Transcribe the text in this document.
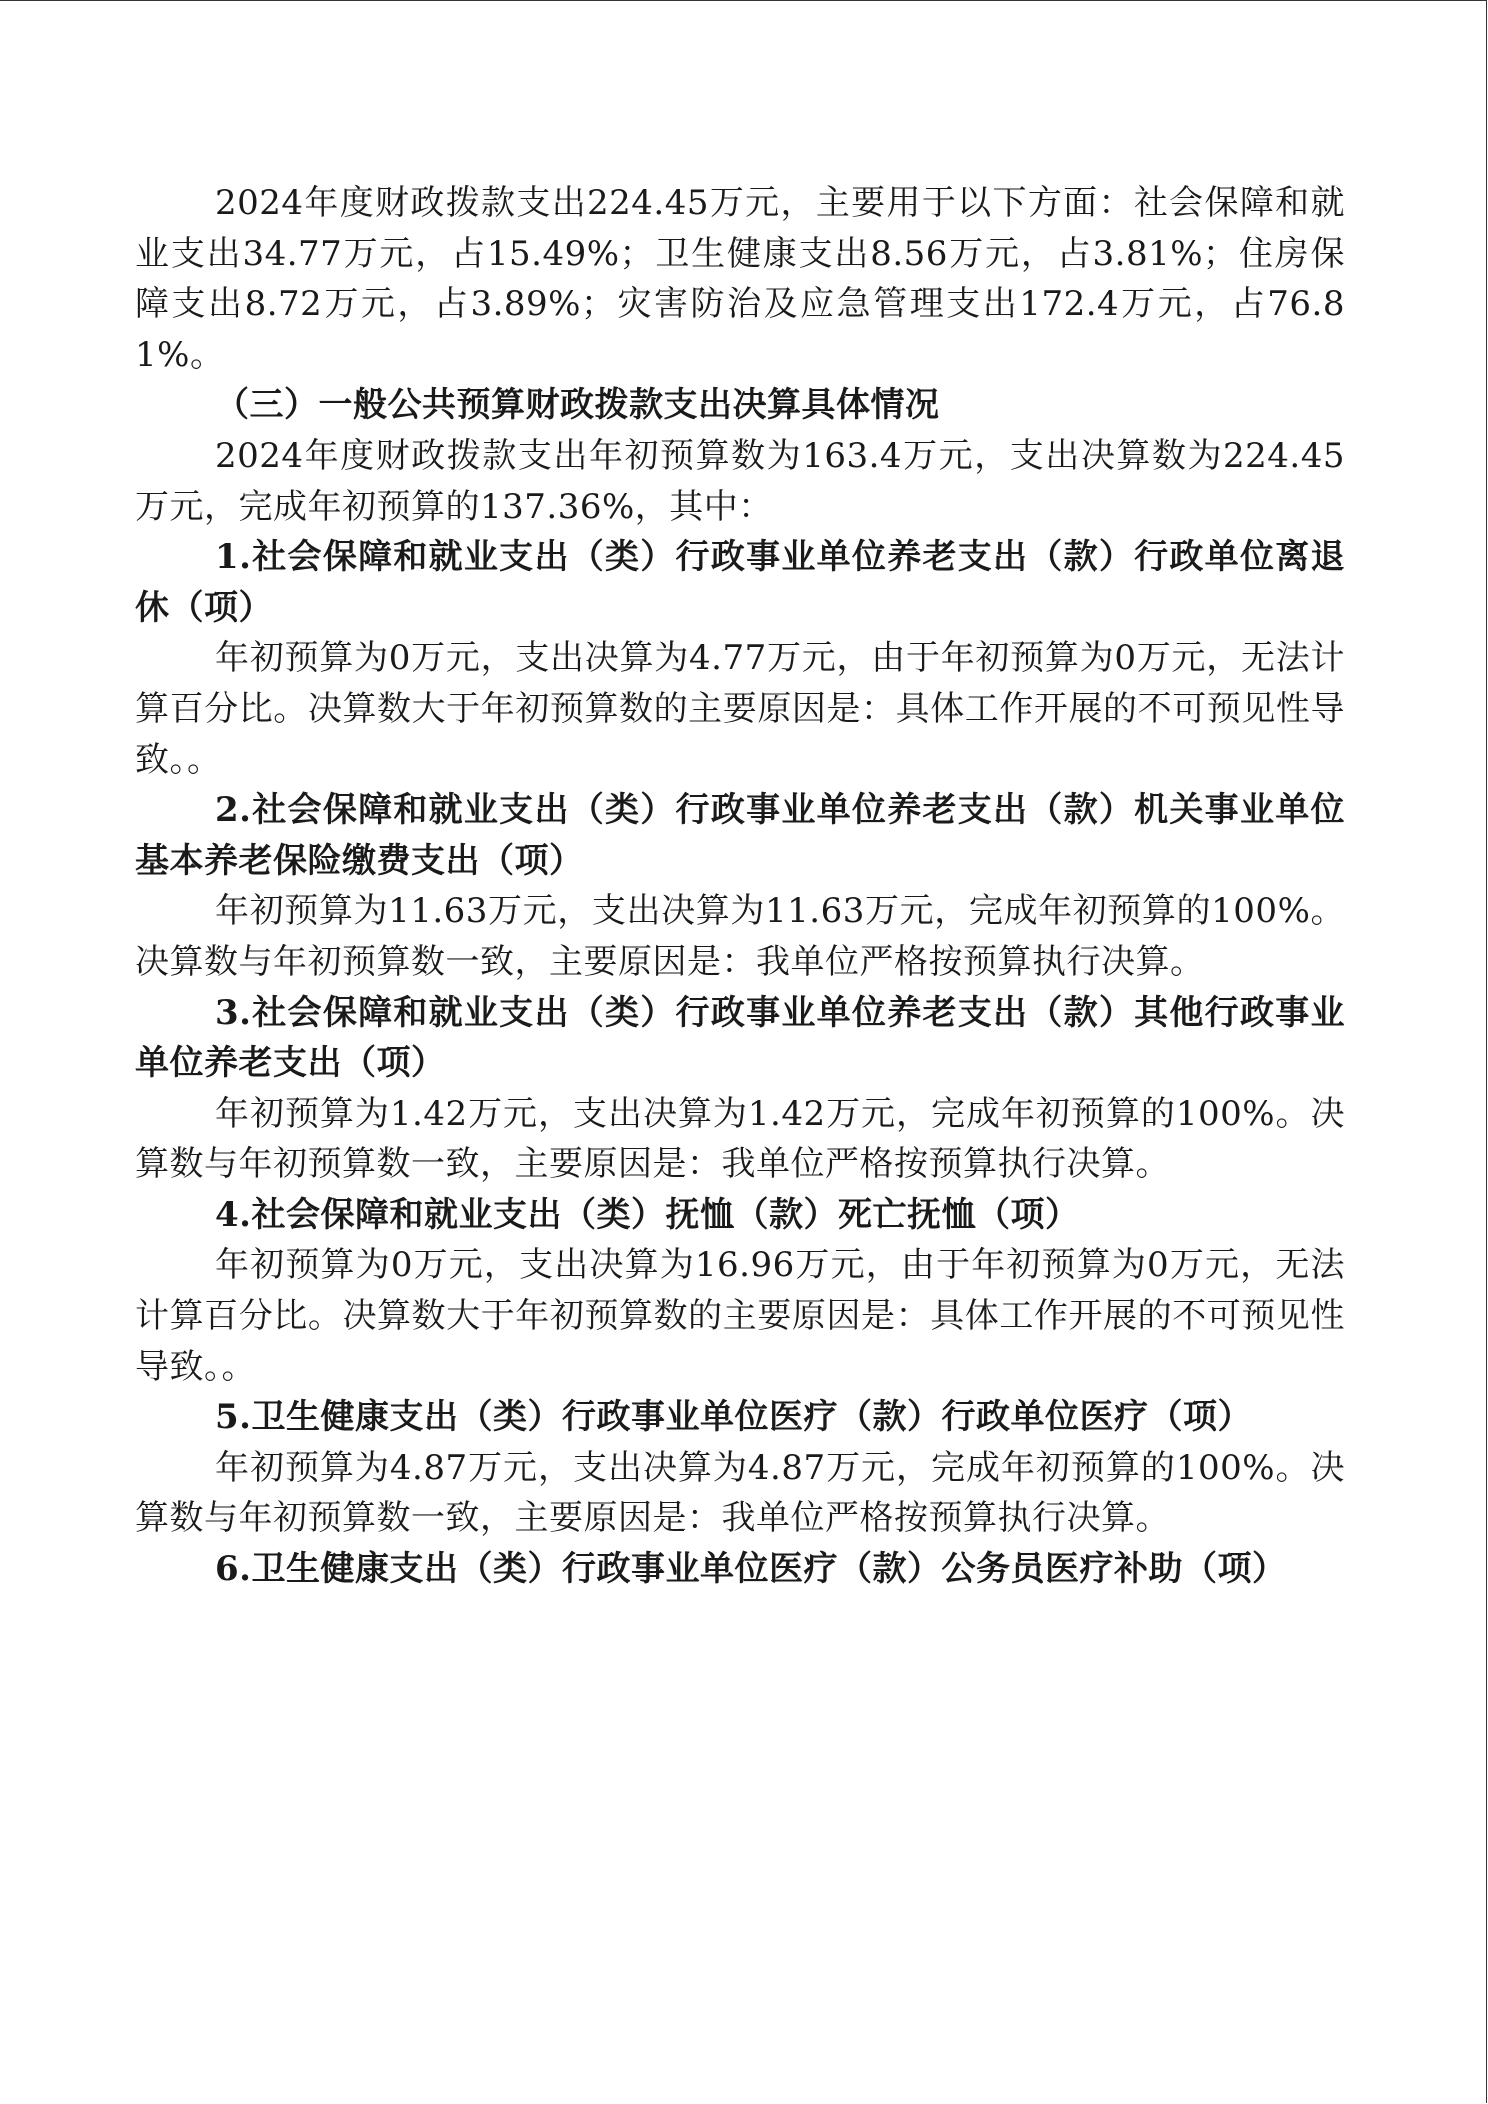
2024年度财政拨款支出224.45万元，主要用于以下方面：社会保障和就业支出34.77万元，占15.49%；卫生健康支出8.56万元，占3.81%；住房保障支出8.72万元，占3.89%；灾害防治及应急管理支出172.4万元，占76.81%。

（三）一般公共预算财政拨款支出决算具体情况

2024年度财政拨款支出年初预算数为163.4万元，支出决算数为224.45万元，完成年初预算的137.36%，其中：

1.社会保障和就业支出（类）行政事业单位养老支出（款）行政单位离退休（项）

年初预算为0万元，支出决算为4.77万元，由于年初预算为0万元，无法计算百分比。决算数大于年初预算数的主要原因是：具体工作开展的不可预见性导致。。

2.社会保障和就业支出（类）行政事业单位养老支出（款）机关事业单位基本养老保险缴费支出（项）

年初预算为11.63万元，支出决算为11.63万元，完成年初预算的100%。决算数与年初预算数一致，主要原因是：我单位严格按预算执行决算。

3.社会保障和就业支出（类）行政事业单位养老支出（款）其他行政事业单位养老支出（项）

年初预算为1.42万元，支出决算为1.42万元，完成年初预算的100%。决算数与年初预算数一致，主要原因是：我单位严格按预算执行决算。

4.社会保障和就业支出（类）抚恤（款）死亡抚恤（项）

年初预算为0万元，支出决算为16.96万元，由于年初预算为0万元，无法计算百分比。决算数大于年初预算数的主要原因是：具体工作开展的不可预见性导致。。

5.卫生健康支出（类）行政事业单位医疗（款）行政单位医疗（项）

年初预算为4.87万元，支出决算为4.87万元，完成年初预算的100%。决算数与年初预算数一致，主要原因是：我单位严格按预算执行决算。

6.卫生健康支出（类）行政事业单位医疗（款）公务员医疗补助（项）
